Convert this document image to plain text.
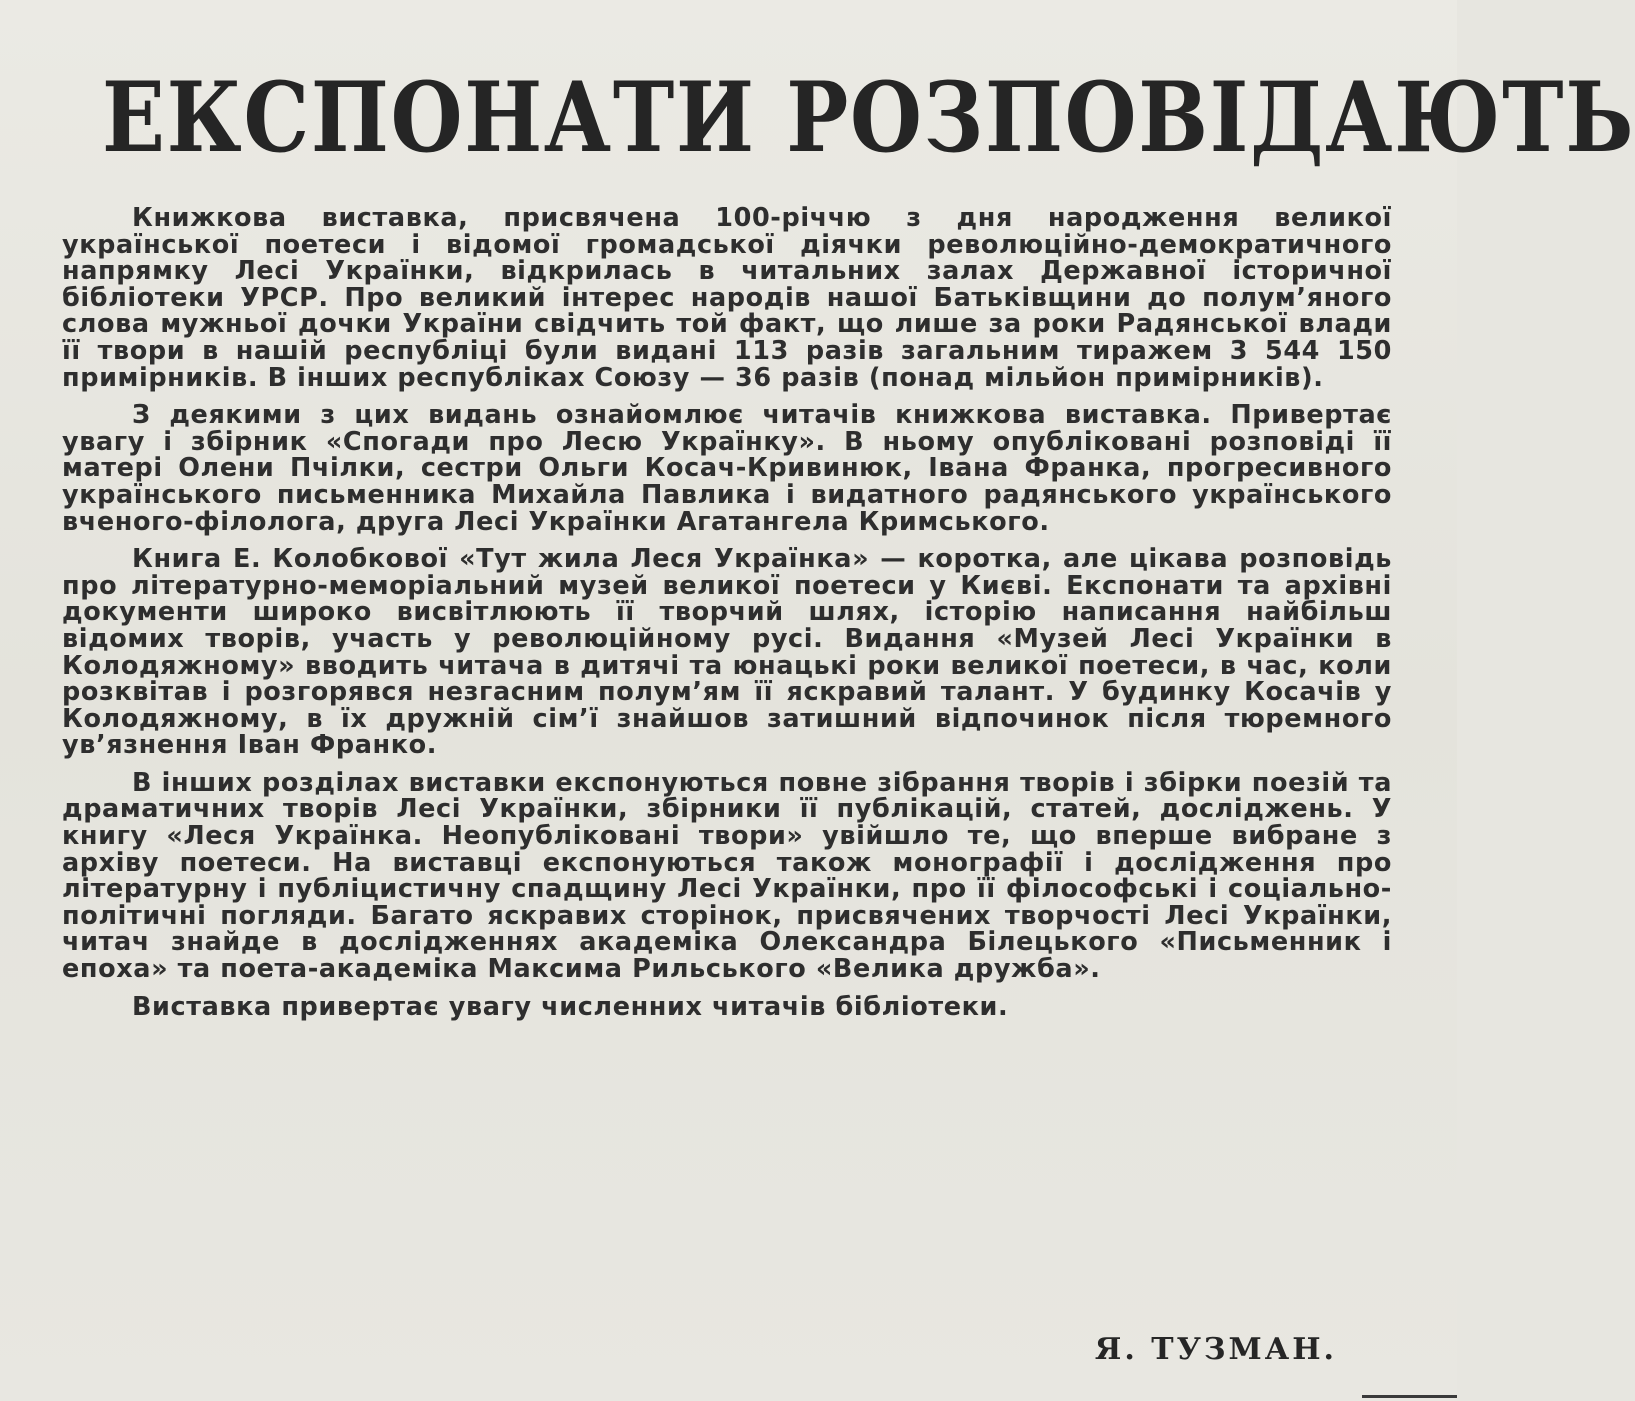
ЕКСПОНАТИ РОЗПОВІДАЮТЬ

Книжкова виставка, присвячена 100-річчю з дня народження великої української поетеси і відомої громадської діячки революційно-демократичного напрямку Лесі Українки, відкрилась в читальних залах Державної історичної бібліотеки УРСР. Про великий інтерес народів нашої Батьківщини до полум’яного слова мужньої дочки України свідчить той факт, що лише за роки Радянської влади її твори в нашій республіці були видані 113 разів загальним тиражем 3 544 150 примірників. В інших республіках Союзу — 36 разів (понад мільйон примірників).

З деякими з цих видань ознайомлює читачів книжкова виставка. Привертає увагу і збірник «Спогади про Лесю Українку». В ньому опубліковані розповіді її матері Олени Пчілки, сестри Ольги Косач-Кривинюк, Івана Франка, прогресивного українського письменника Михайла Павлика і видатного радянського українського вченого-філолога, друга Лесі Українки Агатангела Кримського.

Книга Е. Колобкової «Тут жила Леся Українка» — коротка, але цікава розповідь про літературно-меморіальний музей великої поетеси у Києві. Експонати та архівні документи широко висвітлюють її творчий шлях, історію написання найбільш відомих творів, участь у революційному русі. Видання «Музей Лесі Українки в Колодяжному» вводить читача в дитячі та юнацькі роки великої поетеси, в час, коли розквітав і розгорявся незгасним полум’ям її яскравий талант. У будинку Косачів у Колодяжному, в їх дружній сім’ї знайшов затишний відпочинок після тюремного ув’язнення Іван Франко.

В інших розділах виставки експонуються повне зібрання творів і збірки поезій та драматичних творів Лесі Українки, збірники її публікацій, статей, досліджень. У книгу «Леся Українка. Неопубліковані твори» увійшло те, що вперше вибране з архіву поетеси. На виставці експонуються також монографії і дослідження про літературну і публіцистичну спадщину Лесі Українки, про її філософські і соціально-політичні погляди. Багато яскравих сторінок, присвячених творчості Лесі Українки, читач знайде в дослідженнях академіка Олександра Білецького «Письменник і епоха» та поета-академіка Максима Рильського «Велика дружба».

Виставка привертає увагу численних читачів бібліотеки.

Я. ТУЗМАН.
